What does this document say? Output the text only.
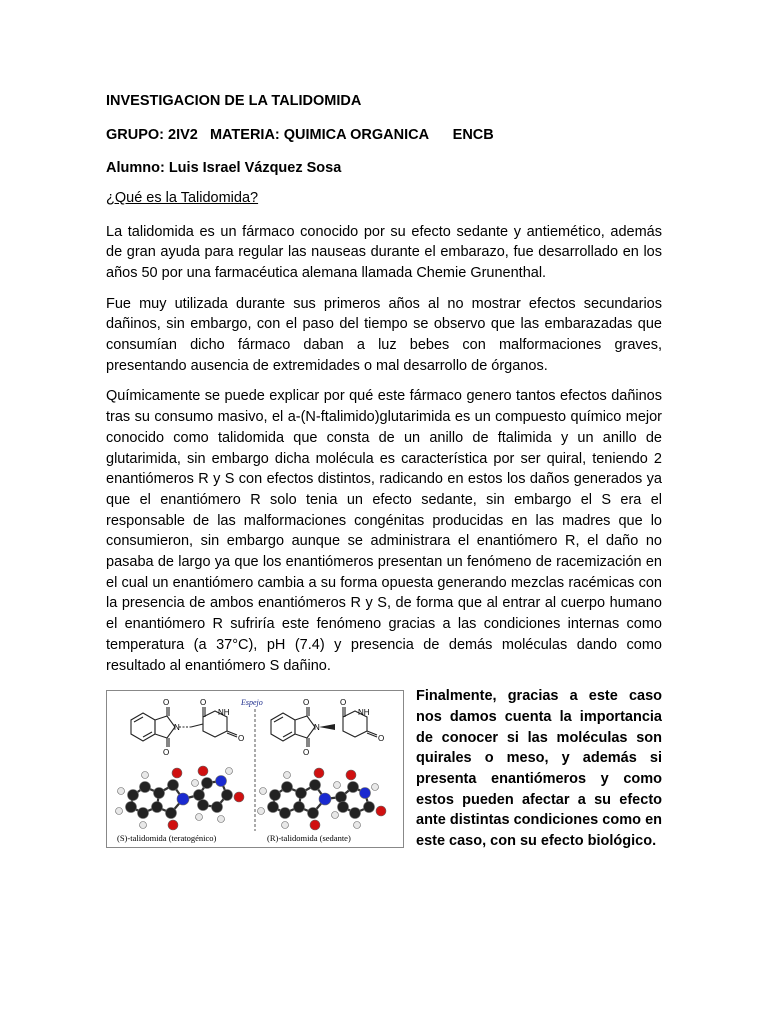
INVESTIGACION DE LA TALIDOMIDA

GRUPO: 2IV2   MATERIA: QUIMICA ORGANICA      ENCB

Alumno: Luis Israel Vázquez Sosa

¿Qué es la Talidomida?

La talidomida es un fármaco conocido por su efecto sedante y antiemético, además de gran ayuda para regular las nauseas durante el embarazo, fue desarrollado en los años 50 por una farmacéutica alemana llamada Chemie Grunenthal.

Fue muy utilizada durante sus primeros años al no mostrar efectos secundarios dañinos, sin embargo, con el paso del tiempo se observo que las embarazadas que consumían dicho fármaco daban a luz bebes con malformaciones graves, presentando ausencia de extremidades o mal desarrollo de órganos.

Químicamente se puede explicar por qué este fármaco genero tantos efectos dañinos tras su consumo masivo, el a-(N-ftalimido)glutarimida es un compuesto químico mejor conocido como talidomida que consta de un anillo de ftalimida y un anillo de glutarimida, sin embargo dicha molécula es característica por ser quiral, teniendo 2 enantiómeros R y S con efectos distintos, radicando en estos los daños generados ya que el enantiómero R solo tenia un efecto sedante, sin embargo el S era el responsable de las malformaciones congénitas producidas en las madres que lo consumieron, sin embargo aunque se administrara el enantiómero R, el daño no pasaba de largo ya que los enantiómeros presentan un fenómeno de racemización en el cual un enantiómero cambia a su forma opuesta generando mezclas racémicas con la presencia de ambos enantiómeros R y S, de forma que al entrar al cuerpo humano el enantiómero R sufriría este fenómeno gracias a las condiciones internas como temperatura (a 37°C), pH (7.4) y presencia de demás moléculas dando como resultado al enantiómero S dañino.

O
O
N
O
NH
O
Espejo	O
O
N
O
NH
O
(S)-talidomida (teratogénico)	(R)-talidomida (sedante)

Finalmente, gracias a este caso nos damos cuenta la importancia de conocer si las moléculas son quirales o meso, y además si presenta enantiómeros y como estos pueden afectar a su efecto ante distintas condiciones como en este caso, con su efecto biológico.
